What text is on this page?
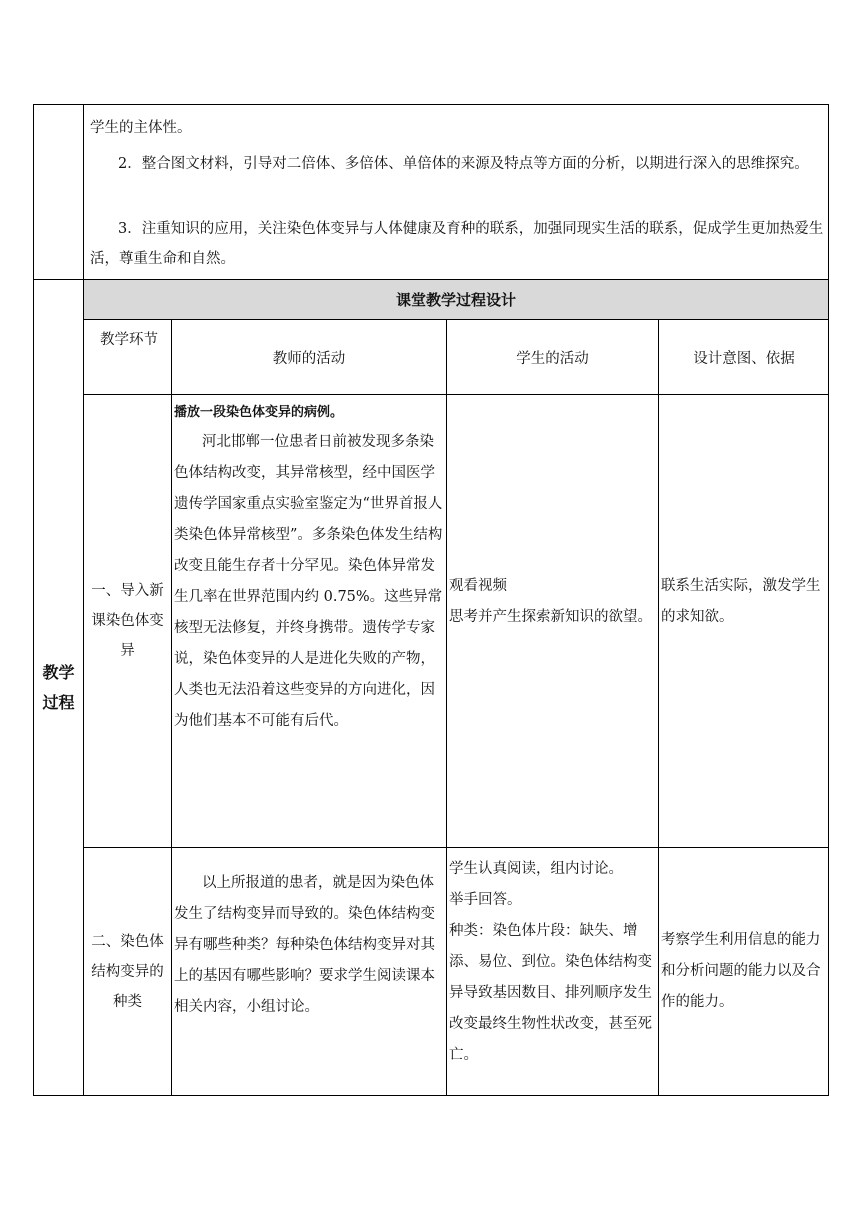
学生的主体性。

2．整合图文材料，引导对二倍体、多倍体、单倍体的来源及特点等方面的分析，以期进行深入的思维探究。

3．注重知识的应用，关注染色体变异与人体健康及育种的联系，加强同现实生活的联系，促成学生更加热爱生活，尊重生命和自然。

教学过程
课堂教学过程设计
教学环节
教师的活动	学生的活动	设计意图、依据
一、导入新课染色体变异
播放一段染色体变异的病例。

河北邯郸一位患者日前被发现多条染色体结构改变，其异常核型，经中国医学遗传学国家重点实验室鉴定为“世界首报人类染色体异常核型”。多条染色体发生结构改变且能生存者十分罕见。染色体异常发生几率在世界范围内约 0.75%。这些异常核型无法修复，并终身携带。遗传学专家说，染色体变异的人是进化失败的产物，人类也无法沿着这些变异的方向进化，因为他们基本不可能有后代。

观看视频

思考并产生探索新知识的欲望。

联系生活实际，激发学生的求知欲。

二、染色体结构变异的种类

以上所报道的患者，就是因为染色体发生了结构变异而导致的。染色体结构变异有哪些种类？每种染色体结构变异对其上的基因有哪些影响？要求学生阅读课本相关内容，小组讨论。

学生认真阅读，组内讨论。

举手回答。

种类：染色体片段：缺失、增添、易位、到位。染色体结构变异导致基因数目、排列顺序发生改变最终生物性状改变，甚至死亡。

考察学生利用信息的能力和分析问题的能力以及合作的能力。
